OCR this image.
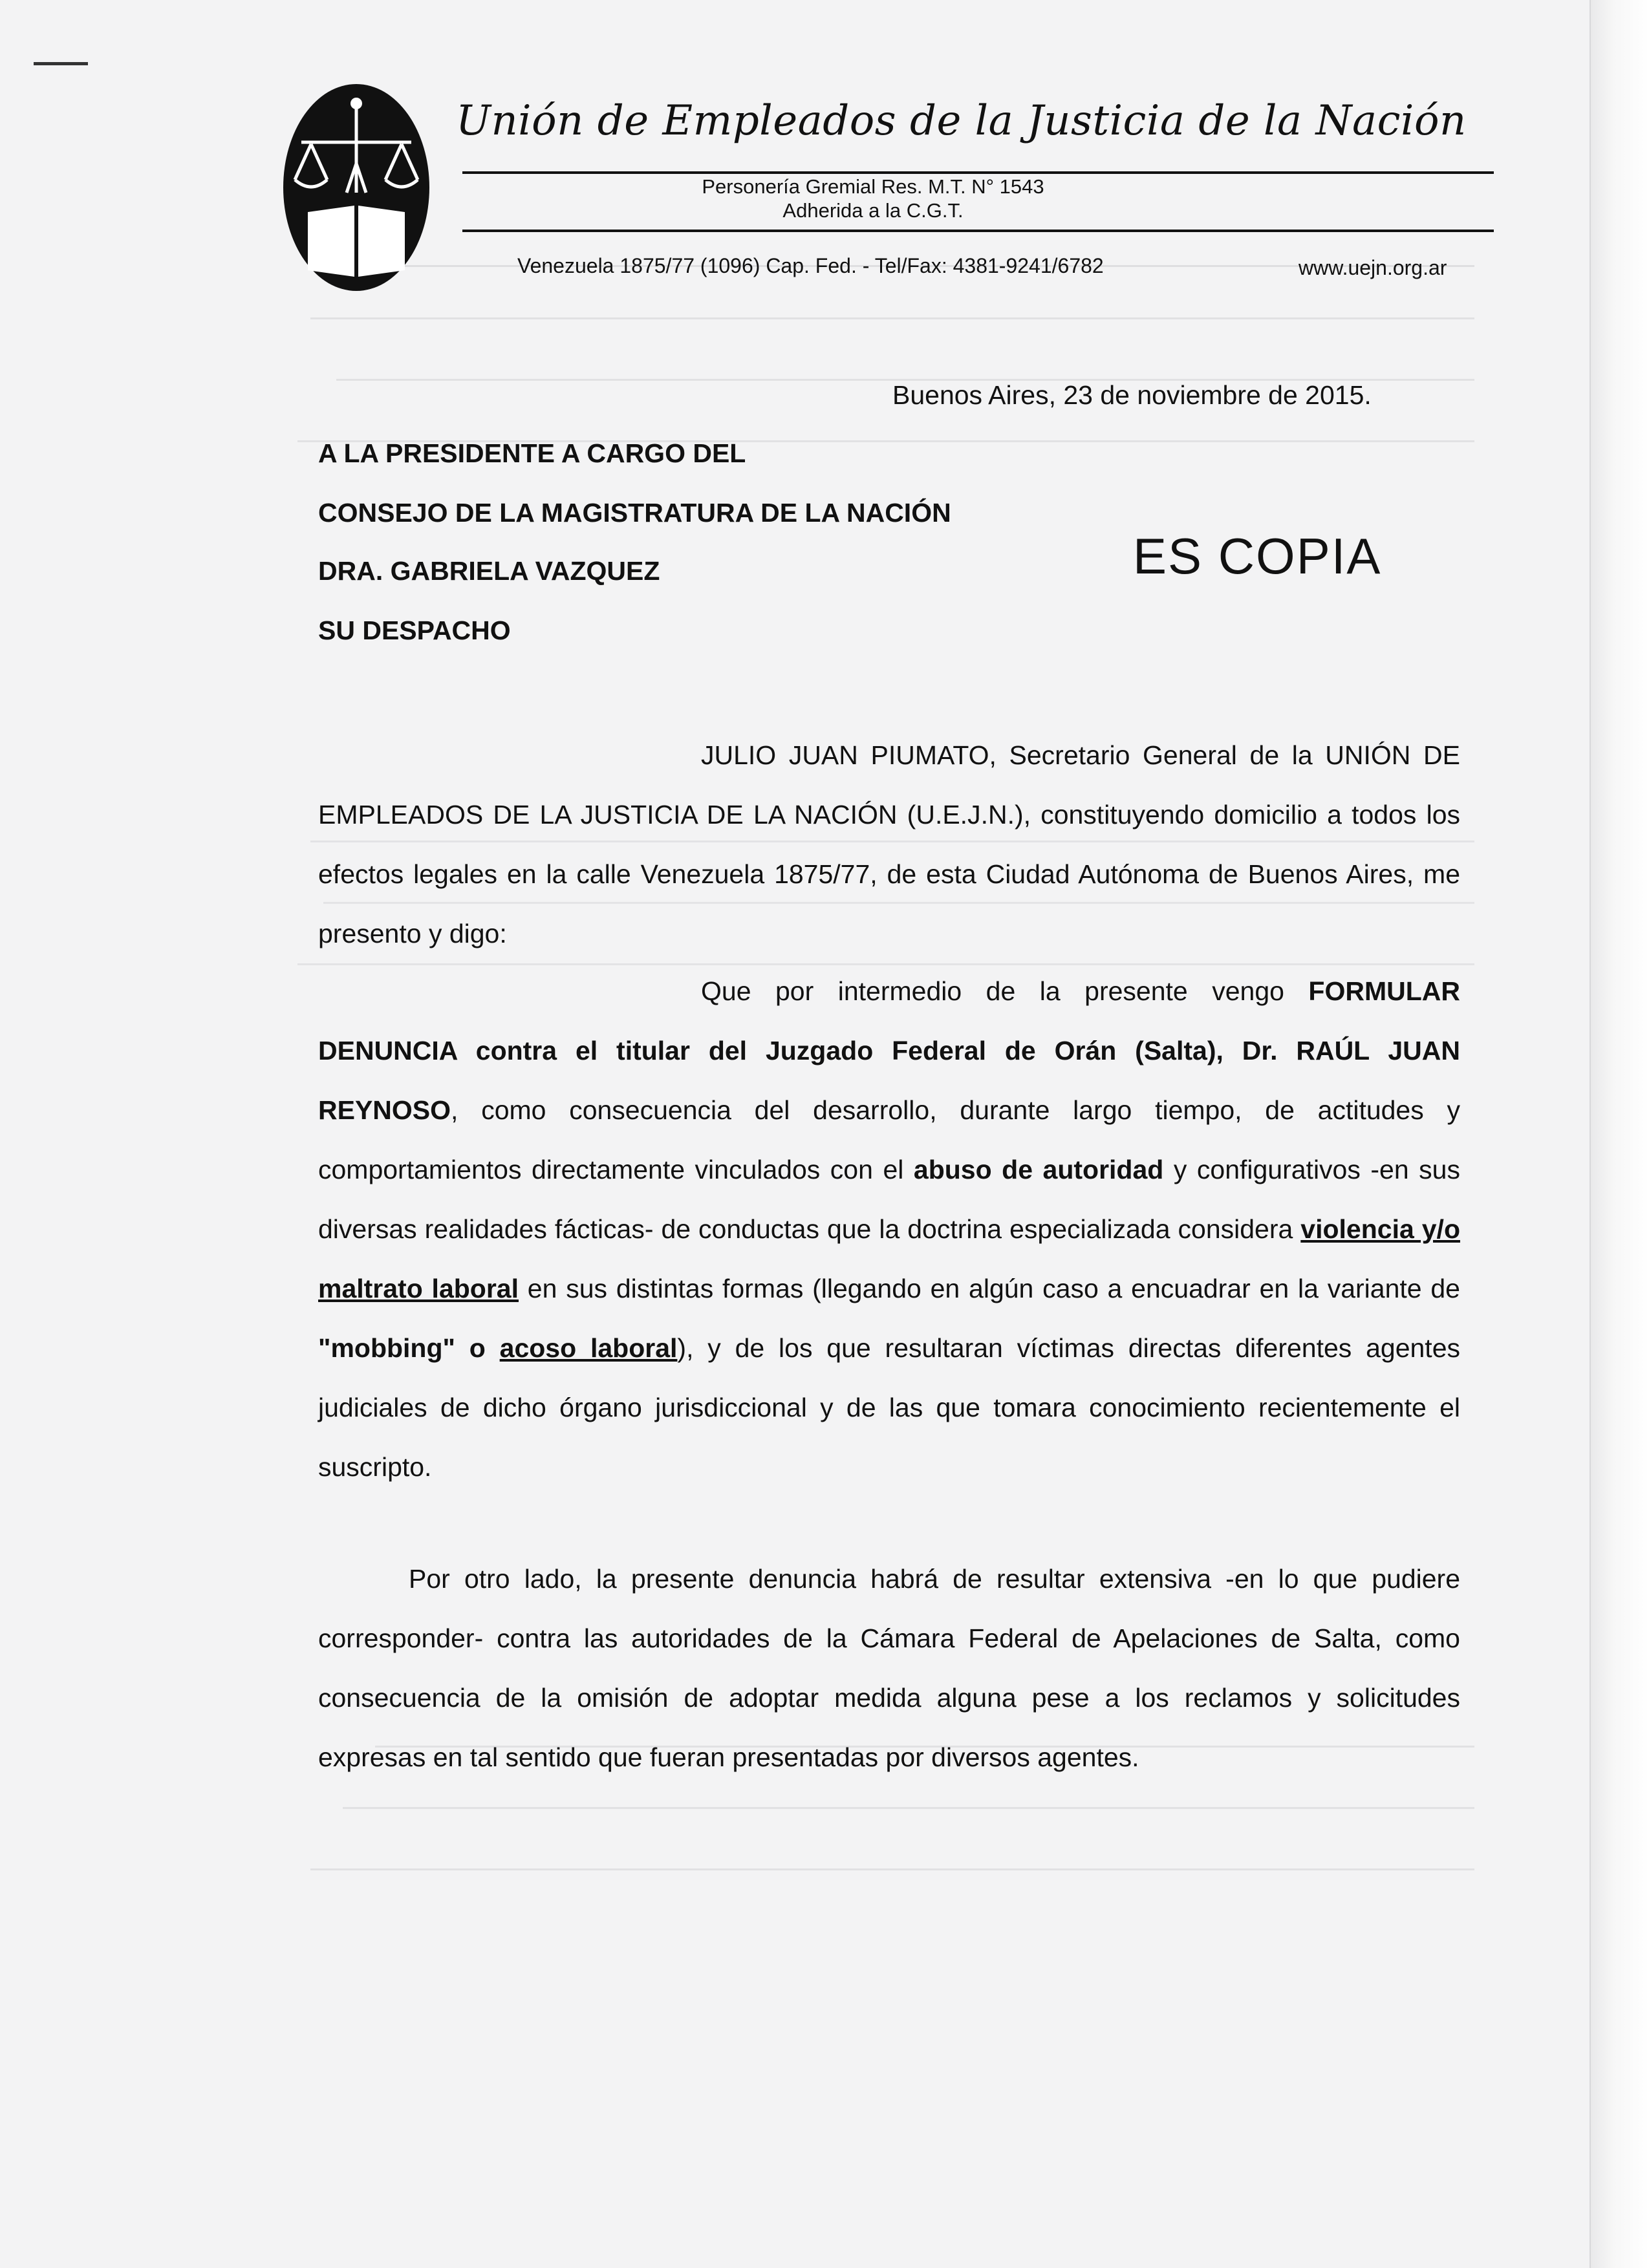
Unión de Empleados de la Justicia de la Nación
Personería Gremial Res. M.T. N° 1543
Adherida a la C.G.T.
Venezuela 1875/77 (1096) Cap. Fed. - Tel/Fax: 4381-9241/6782	www.uejn.org.ar
Buenos Aires, 23 de noviembre de 2015.
A LA PRESIDENTE A CARGO DEL
CONSEJO DE LA MAGISTRATURA DE LA NACIÓN
DRA. GABRIELA VAZQUEZ
SU DESPACHO
ES COPIA
JULIO JUAN PIUMATO, Secretario General de la UNIÓN DE EMPLEADOS DE LA JUSTICIA DE LA NACIÓN (U.E.J.N.), constituyendo domicilio a todos los efectos legales en la calle Venezuela 1875/77, de esta Ciudad Autónoma de Buenos Aires, me presento y digo:
Que por intermedio de la presente vengo FORMULAR DENUNCIA contra el titular del Juzgado Federal de Orán (Salta), Dr. RAÚL JUAN REYNOSO, como consecuencia del desarrollo, durante largo tiempo, de actitudes y comportamientos directamente vinculados con el abuso de autoridad y configurativos -en sus diversas realidades fácticas- de conductas que la doctrina especializada considera violencia y/o maltrato laboral en sus distintas formas (llegando en algún caso a encuadrar en la variante de "mobbing" o acoso laboral), y de los que resultaran víctimas directas diferentes agentes judiciales de dicho órgano jurisdiccional y de las que tomara conocimiento recientemente el suscripto.
Por otro lado, la presente denuncia habrá de resultar extensiva -en lo que pudiere corresponder- contra las autoridades de la Cámara Federal de Apelaciones de Salta, como consecuencia de la omisión de adoptar medida alguna pese a los reclamos y solicitudes expresas en tal sentido que fueran presentadas por diversos agentes.
